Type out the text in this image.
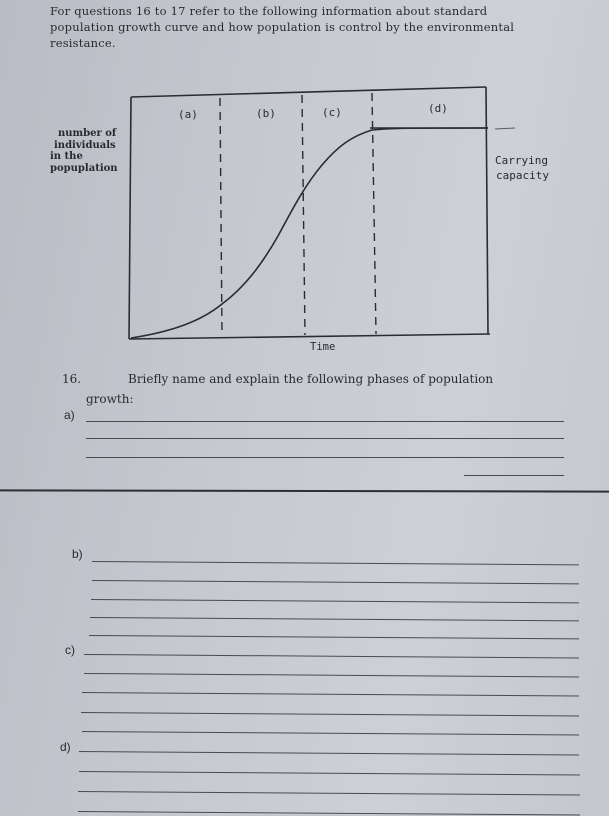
For questions 16 to 17 refer to the following information about standard population growth curve and how population is control by the environmental resistance.
number of
individuals
in the
popuplation
(a)	(b)	(c)	(d)
Time
Carrying
capacity
16.	Briefly name and explain the following phases of population
growth:
a)
b)
c)
d)
